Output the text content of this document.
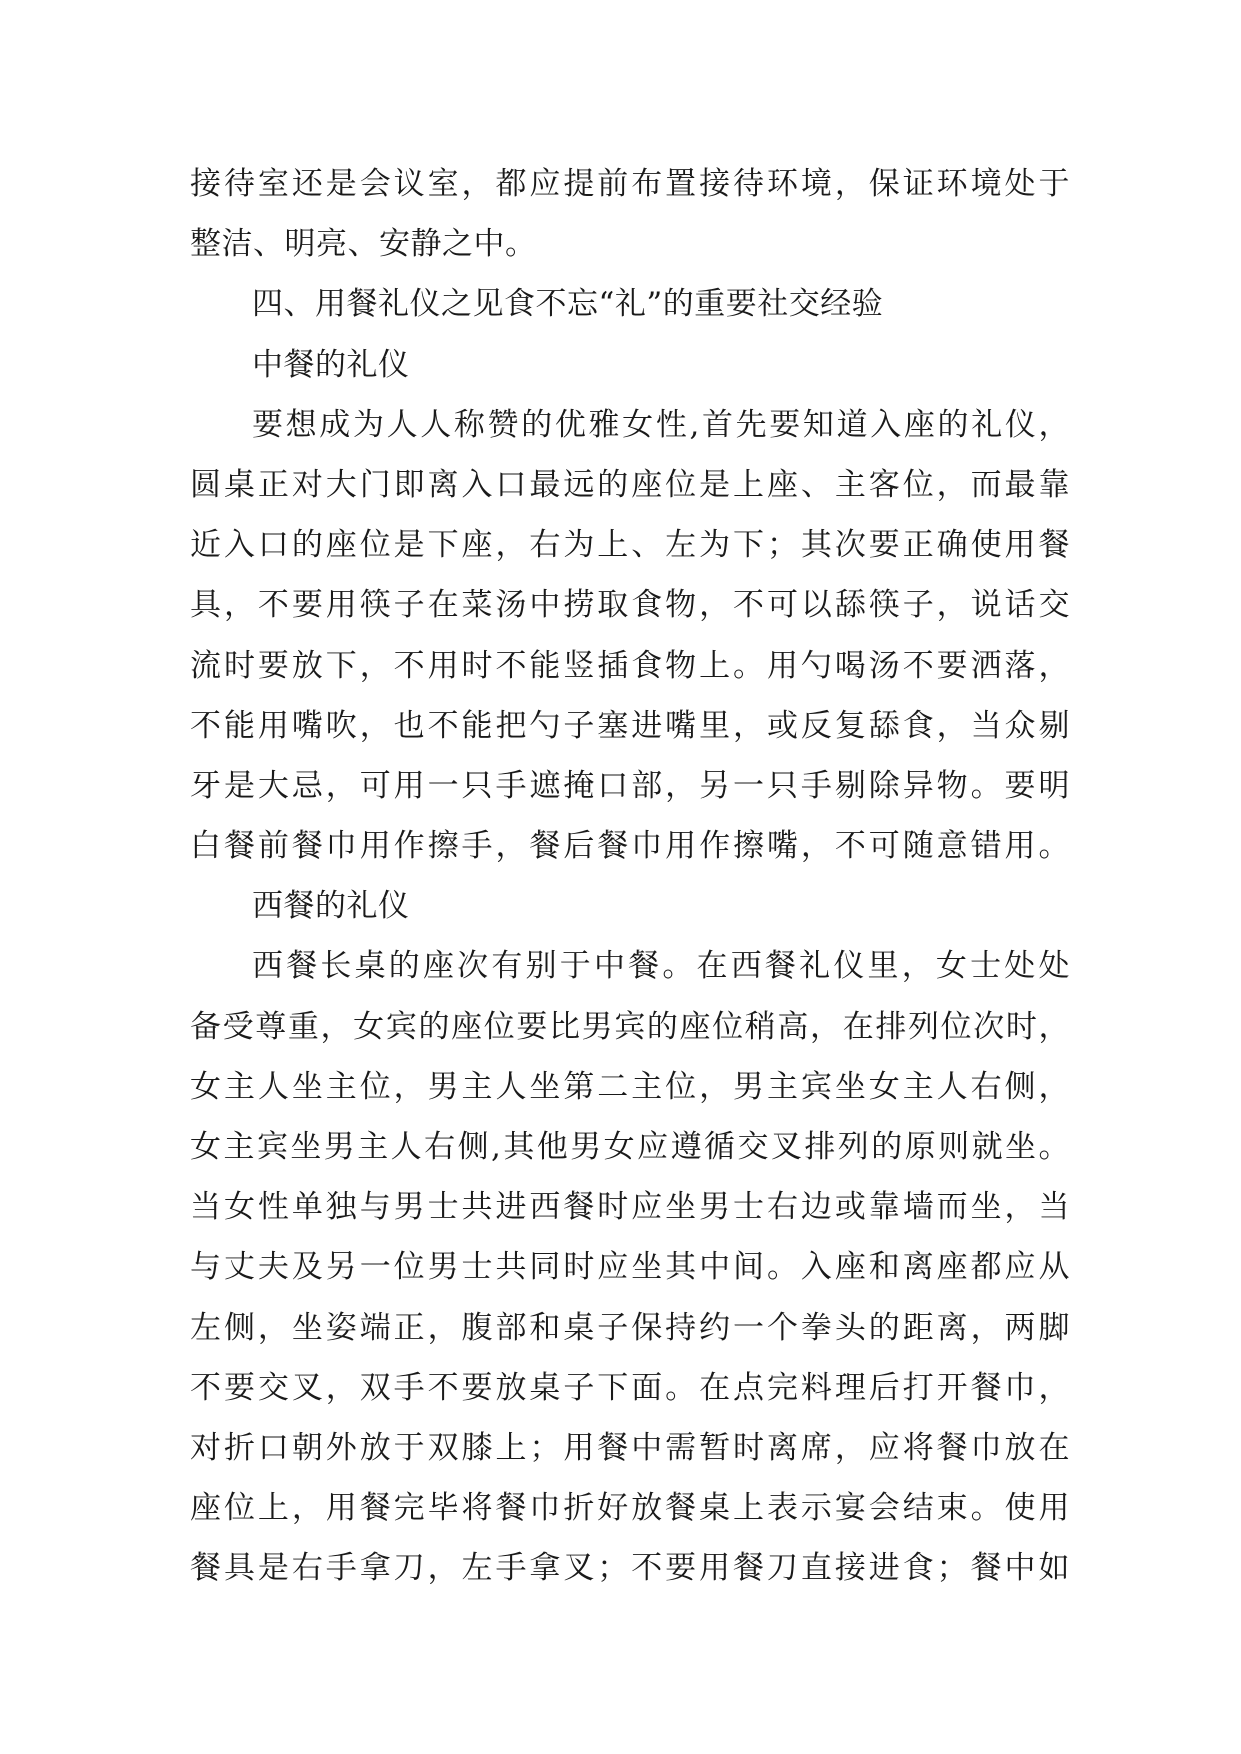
接待室还是会议室，都应提前布置接待环境，保证环境处于
整洁、明亮、安静之中。
四、用餐礼仪之见食不忘“礼”的重要社交经验
中餐的礼仪
要想成为人人称赞的优雅女性,首先要知道入座的礼仪，
圆桌正对大门即离入口最远的座位是上座、主客位，而最靠
近入口的座位是下座，右为上、左为下；其次要正确使用餐
具，不要用筷子在菜汤中捞取食物，不可以舔筷子，说话交
流时要放下，不用时不能竖插食物上。用勺喝汤不要洒落，
不能用嘴吹，也不能把勺子塞进嘴里，或反复舔食，当众剔
牙是大忌，可用一只手遮掩口部，另一只手剔除异物。要明
白餐前餐巾用作擦手，餐后餐巾用作擦嘴，不可随意错用。
西餐的礼仪
西餐长桌的座次有别于中餐。在西餐礼仪里，女士处处
备受尊重，女宾的座位要比男宾的座位稍高，在排列位次时，
女主人坐主位，男主人坐第二主位，男主宾坐女主人右侧，
女主宾坐男主人右侧,其他男女应遵循交叉排列的原则就坐。
当女性单独与男士共进西餐时应坐男士右边或靠墙而坐，当
与丈夫及另一位男士共同时应坐其中间。入座和离座都应从
左侧，坐姿端正，腹部和桌子保持约一个拳头的距离，两脚
不要交叉，双手不要放桌子下面。在点完料理后打开餐巾，
对折口朝外放于双膝上；用餐中需暂时离席，应将餐巾放在
座位上，用餐完毕将餐巾折好放餐桌上表示宴会结束。使用
餐具是右手拿刀，左手拿叉；不要用餐刀直接进食；餐中如
